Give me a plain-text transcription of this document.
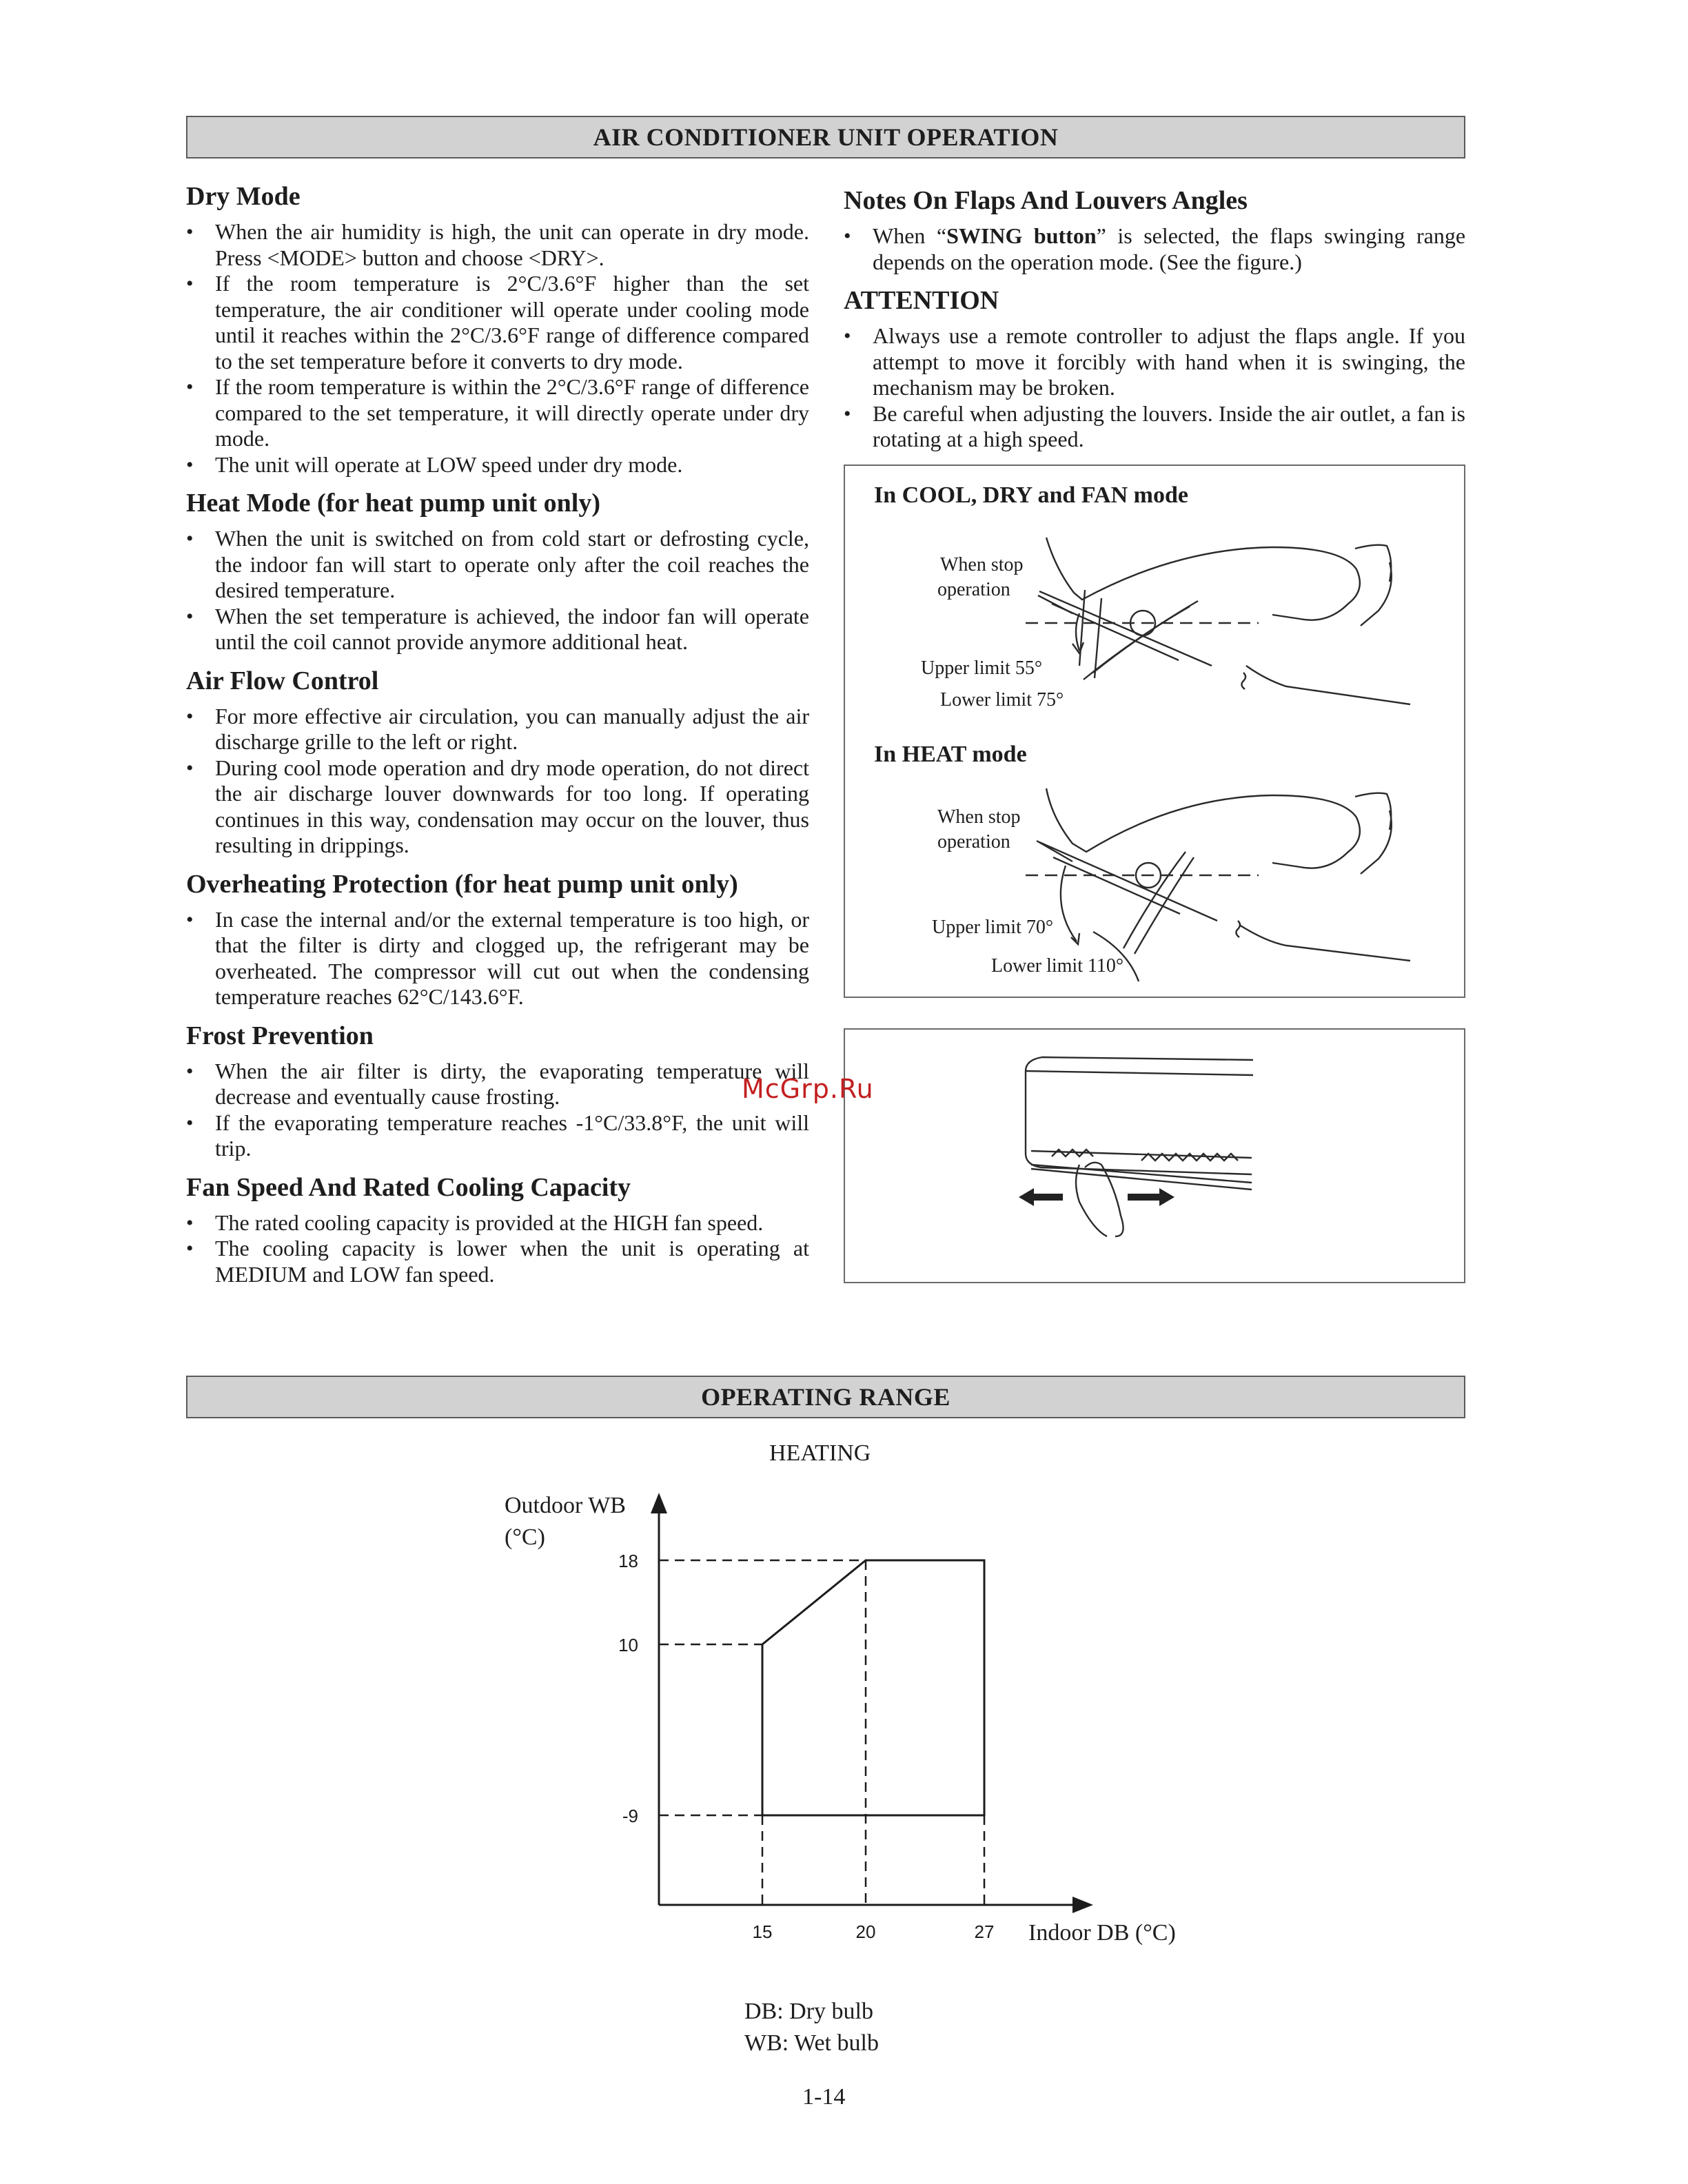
AIR CONDITIONER UNIT OPERATION
Dry Mode
• When the air humidity is high, the unit can operate in dry mode. Press <MODE> button and choose <DRY>.
• If the room temperature is 2°C/3.6°F higher than the set temperature, the air conditioner will operate under cooling mode until it reaches within the 2°C/3.6°F range of difference compared to the set temperature before it converts to dry mode.
• If the room temperature is within the 2°C/3.6°F range of difference compared to the set temperature, it will directly operate under dry mode.
• The unit will operate at LOW speed under dry mode.
Heat Mode (for heat pump unit only)
• When the unit is switched on from cold start or defrosting cycle, the indoor fan will start to operate only after the coil reaches the desired temperature.
• When the set temperature is achieved, the indoor fan will operate until the coil cannot provide anymore additional heat.
Air Flow Control
• For more effective air circulation, you can manually adjust the air discharge grille to the left or right.
• During cool mode operation and dry mode operation, do not direct the air discharge louver downwards for too long. If operating continues in this way, condensation may occur on the louver, thus resulting in drippings.
Overheating Protection (for heat pump unit only)
• In case the internal and/or the external temperature is too high, or that the filter is dirty and clogged up, the refrigerant may be overheated. The compressor will cut out when the condensing temperature reaches 62°C/143.6°F.
Frost Prevention
• When the air filter is dirty, the evaporating temperature will decrease and eventually cause frosting.
• If the evaporating temperature reaches -1°C/33.8°F, the unit will trip.
Fan Speed And Rated Cooling Capacity
• The rated cooling capacity is provided at the HIGH fan speed.
• The cooling capacity is lower when the unit is operating at MEDIUM and LOW fan speed.
Notes On Flaps And Louvers Angles
• When “SWING button” is selected, the flaps swinging range depends on the operation mode. (See the figure.)
ATTENTION
• Always use a remote controller to adjust the flaps angle. If you attempt to move it forcibly with hand when it is swinging, the mechanism may be broken.
• Be careful when adjusting the louvers. Inside the air outlet, a fan is rotating at a high speed.
In COOL, DRY and FAN mode
When stop
operation
Upper limit 55°
Lower limit 75°
In HEAT mode
When stop
operation
Upper limit 70°
Lower limit 110°
McGrp.Ru
OPERATING RANGE
HEATING
Outdoor WB
(°C)
Indoor DB (°C)
18
10
-9
15	20	27
DB: Dry bulb
WB: Wet bulb
1-14
